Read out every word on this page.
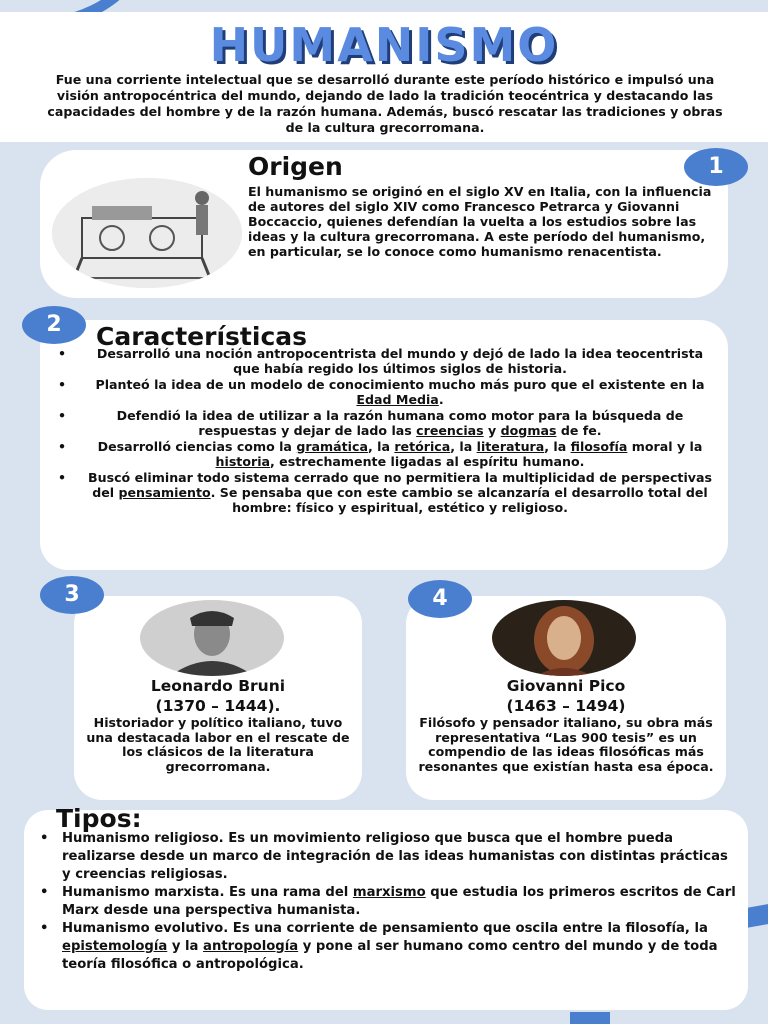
HUMANISMO

Fue una corriente intelectual que se desarrolló durante este período histórico e impulsó una visión antropocéntrica del mundo, dejando de lado la tradición teocéntrica y destacando las capacidades del hombre y de la razón humana. Además, buscó rescatar las tradiciones y obras de la cultura grecorromana.

Origen

El humanismo se originó en el siglo XV en Italia, con la influencia de autores del siglo XIV como Francesco Petrarca y Giovanni Boccaccio, quienes defendían la vuelta a los estudios sobre las ideas y la cultura grecorromana. A este período del humanismo, en particular, se lo conoce como humanismo renacentista.

1
Características
• Desarrolló una noción antropocentrista del mundo y dejó de lado la idea teocentrista que había regido los últimos siglos de historia.
• Planteó la idea de un modelo de conocimiento mucho más puro que el existente en la Edad Media.
• Defendió la idea de utilizar a la razón humana como motor para la búsqueda de respuestas y dejar de lado las creencias y dogmas de fe.
• Desarrolló ciencias como la gramática, la retórica, la literatura, la filosofía moral y la historia, estrechamente ligadas al espíritu humano.
• Buscó eliminar todo sistema cerrado que no permitiera la multiplicidad de perspectivas del pensamiento. Se pensaba que con este cambio se alcanzaría el desarrollo total del hombre: físico y espiritual, estético y religioso.
2
Leonardo Bruni
(1370 – 1444).

Historiador y político italiano, tuvo una destacada labor en el rescate de los clásicos de la literatura grecorromana.

3
Giovanni Pico
(1463 – 1494)

Filósofo y pensador italiano, su obra más representativa “Las 900 tesis” es un compendio de las ideas filosóficas más resonantes que existían hasta esa época.

4
Tipos:
• Humanismo religioso. Es un movimiento religioso que busca que el hombre pueda realizarse desde un marco de integración de las ideas humanistas con distintas prácticas y creencias religiosas.
• Humanismo marxista. Es una rama del marxismo que estudia los primeros escritos de Carl Marx desde una perspectiva humanista.
• Humanismo evolutivo. Es una corriente de pensamiento que oscila entre la filosofía, la epistemología y la antropología y pone al ser humano como centro del mundo y de toda teoría filosófica o antropológica.
